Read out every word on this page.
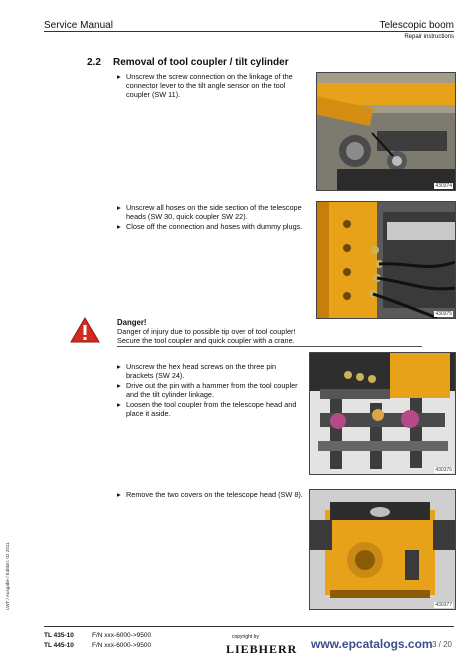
Service Manual	Telescopic boom
Repair instructions
2.2 Removal of tool coupler / tilt cylinder
▸ Unscrew the screw connection on the linkage of the connector lever to the tilt angle sensor on the tool coupler (SW 11).
430374
▸ Unscrew all hoses on the side section of the telescope heads (SW 30, quick coupler SW 22).
▸ Close off the connection and hoses with dummy plugs.
430375
Danger!
Danger of injury due to possible tip over of tool coupler!
Secure the tool coupler and quick coupler with a crane.
▸ Unscrew the hex head screws on the three pin brackets (SW 24).
▸ Drive out the pin with a hammer from the tool coupler and the tilt cylinder linkage.
▸ Loosen the tool coupler from the telescope head and place it aside.
430376
▸ Remove the two covers on the telescope head (SW 8).
430377
LWT / Ausgabe / Edition: 02 2011
TL 435-10
TL 445-10
F/N xxx-6000->9500
F/N xxx-6000->9500
copyright by
LIEBHERR www.epcatalogs.com 3 / 20
